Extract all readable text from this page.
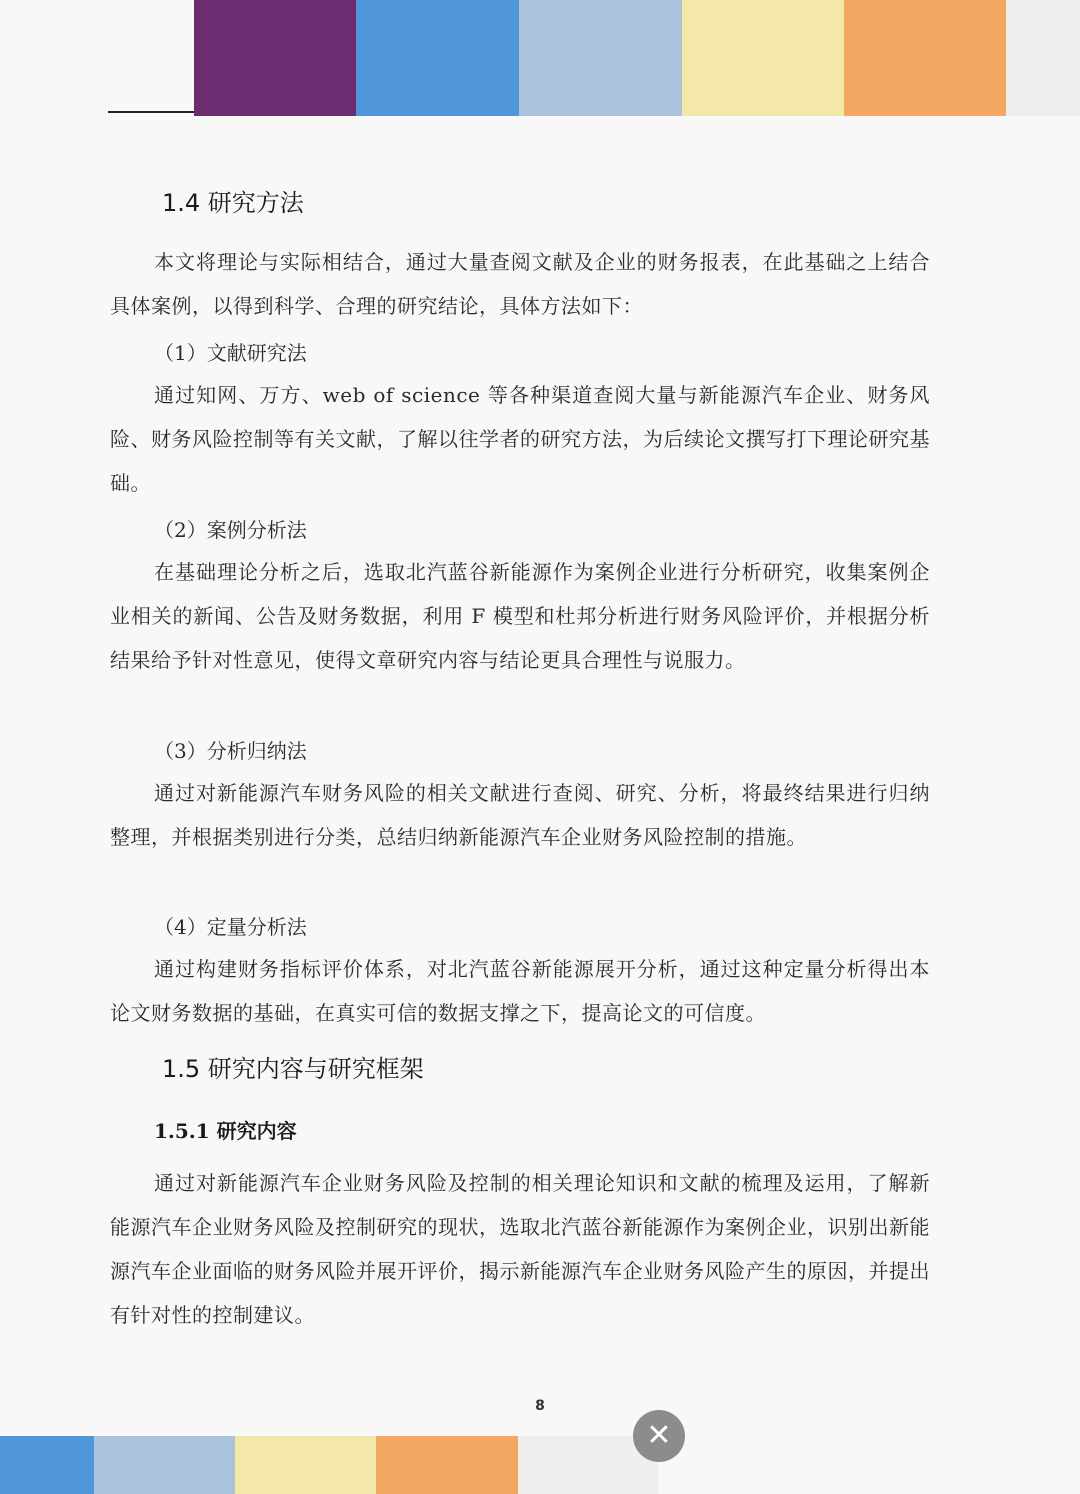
1.4 研究方法

本文将理论与实际相结合，通过大量查阅文献及企业的财务报表，在此基础之上结合具体案例，以得到科学、合理的研究结论，具体方法如下：

（1）文献研究法

通过知网、万方、web of science 等各种渠道查阅大量与新能源汽车企业、财务风险、财务风险控制等有关文献，了解以往学者的研究方法，为后续论文撰写打下理论研究基础。

（2）案例分析法

在基础理论分析之后，选取北汽蓝谷新能源作为案例企业进行分析研究，收集案例企业相关的新闻、公告及财务数据，利用 F 模型和杜邦分析进行财务风险评价，并根据分析结果给予针对性意见，使得文章研究内容与结论更具合理性与说服力。

（3）分析归纳法

通过对新能源汽车财务风险的相关文献进行查阅、研究、分析，将最终结果进行归纳整理，并根据类别进行分类，总结归纳新能源汽车企业财务风险控制的措施。

（4）定量分析法

通过构建财务指标评价体系，对北汽蓝谷新能源展开分析，通过这种定量分析得出本论文财务数据的基础，在真实可信的数据支撑之下，提高论文的可信度。

1.5 研究内容与研究框架
1.5.1 研究内容

通过对新能源汽车企业财务风险及控制的相关理论知识和文献的梳理及运用，了解新能源汽车企业财务风险及控制研究的现状，选取北汽蓝谷新能源作为案例企业，识别出新能源汽车企业面临的财务风险并展开评价，揭示新能源汽车企业财务风险产生的原因，并提出有针对性的控制建议。

8
✕
